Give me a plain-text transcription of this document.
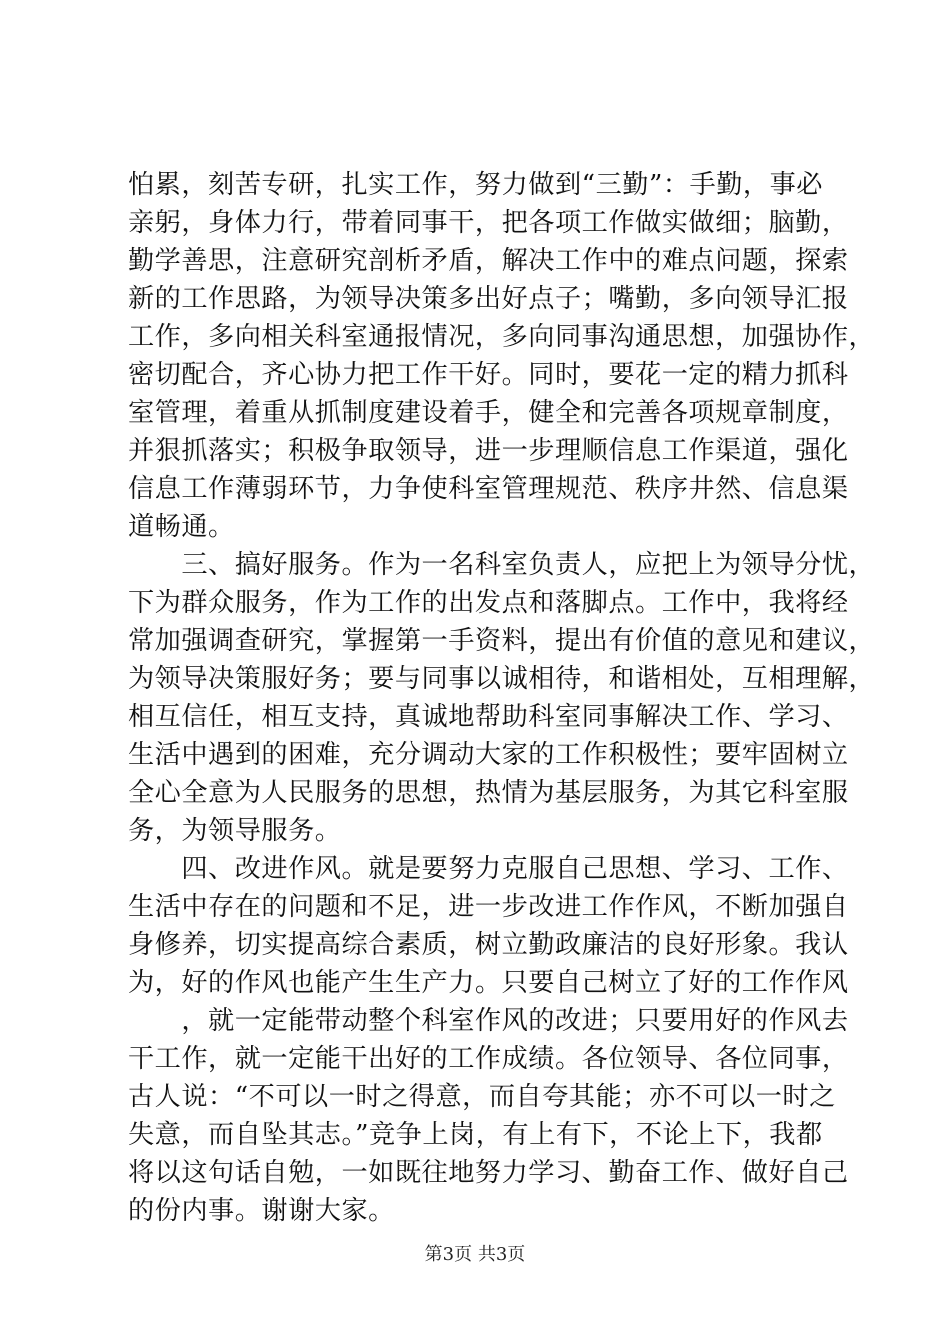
怕累，刻苦专研，扎实工作，努力做到“三勤”：手勤，事必
亲躬，身体力行，带着同事干，把各项工作做实做细；脑勤，
勤学善思，注意研究剖析矛盾，解决工作中的难点问题，探索
新的工作思路，为领导决策多出好点子；嘴勤，多向领导汇报
工作，多向相关科室通报情况，多向同事沟通思想，加强协作，
密切配合，齐心协力把工作干好。同时，要花一定的精力抓科
室管理，着重从抓制度建设着手，健全和完善各项规章制度，
并狠抓落实；积极争取领导，进一步理顺信息工作渠道，强化
信息工作薄弱环节，力争使科室管理规范、秩序井然、信息渠
道畅通。
　　三、搞好服务。作为一名科室负责人，应把上为领导分忧，
下为群众服务，作为工作的出发点和落脚点。工作中，我将经
常加强调查研究，掌握第一手资料，提出有价值的意见和建议，
为领导决策服好务；要与同事以诚相待，和谐相处，互相理解，
相互信任，相互支持，真诚地帮助科室同事解决工作、学习、
生活中遇到的困难，充分调动大家的工作积极性；要牢固树立
全心全意为人民服务的思想，热情为基层服务，为其它科室服
务，为领导服务。
　　四、改进作风。就是要努力克服自己思想、学习、工作、
生活中存在的问题和不足，进一步改进工作作风，不断加强自
身修养，切实提高综合素质，树立勤政廉洁的良好形象。我认
为，好的作风也能产生生产力。只要自己树立了好的工作作风
　　，就一定能带动整个科室作风的改进；只要用好的作风去
干工作，就一定能干出好的工作成绩。各位领导、各位同事，
古人说：“不可以一时之得意，而自夸其能；亦不可以一时之
失意，而自坠其志。”竞争上岗，有上有下，不论上下，我都
将以这句话自勉，一如既往地努力学习、勤奋工作、做好自己
的份内事。谢谢大家。
第3页 共3页
